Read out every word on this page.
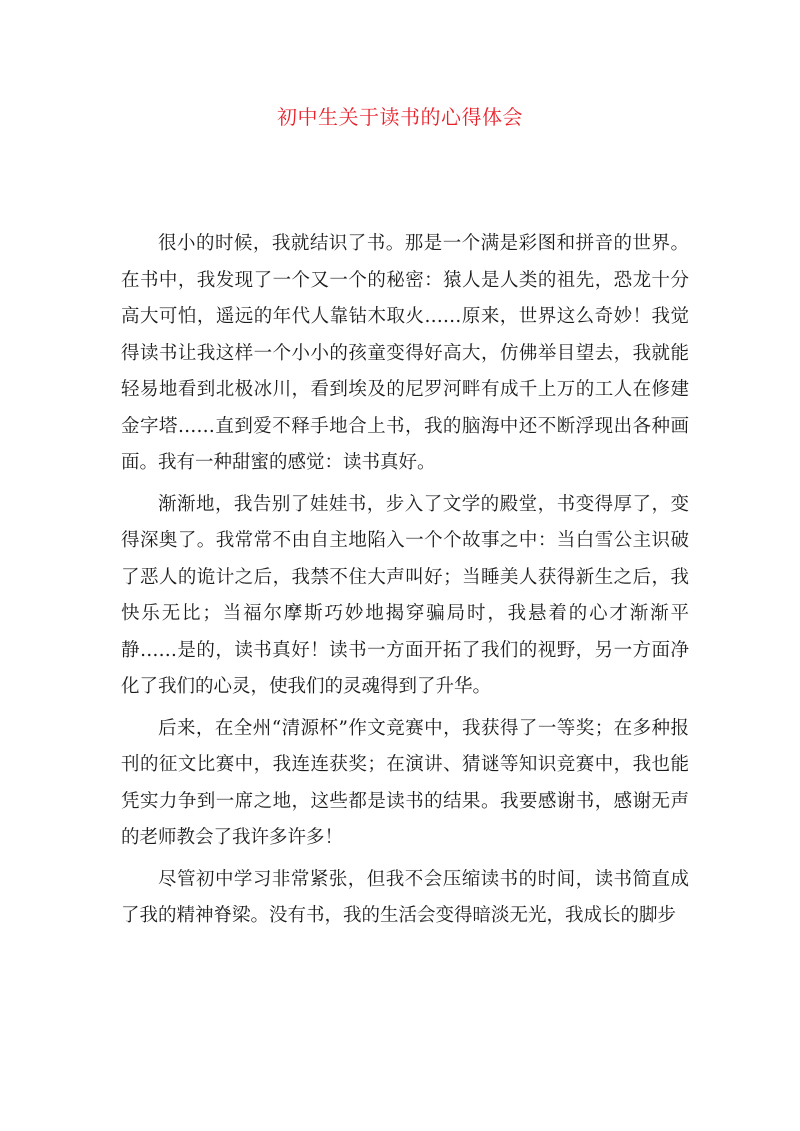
初中生关于读书的心得体会

很小的时候，我就结识了书。那是一个满是彩图和拼音的世界。在书中，我发现了一个又一个的秘密：猿人是人类的祖先，恐龙十分高大可怕，遥远的年代人靠钻木取火……原来，世界这么奇妙！我觉得读书让我这样一个小小的孩童变得好高大，仿佛举目望去，我就能轻易地看到北极冰川，看到埃及的尼罗河畔有成千上万的工人在修建金字塔……直到爱不释手地合上书，我的脑海中还不断浮现出各种画面。我有一种甜蜜的感觉：读书真好。

渐渐地，我告别了娃娃书，步入了文学的殿堂，书变得厚了，变得深奥了。我常常不由自主地陷入一个个故事之中：当白雪公主识破了恶人的诡计之后，我禁不住大声叫好；当睡美人获得新生之后，我快乐无比；当福尔摩斯巧妙地揭穿骗局时，我悬着的心才渐渐平静……是的，读书真好！读书一方面开拓了我们的视野，另一方面净化了我们的心灵，使我们的灵魂得到了升华。

后来，在全州“清源杯”作文竞赛中，我获得了一等奖；在多种报刊的征文比赛中，我连连获奖；在演讲、猜谜等知识竞赛中，我也能凭实力争到一席之地，这些都是读书的结果。我要感谢书，感谢无声的老师教会了我许多许多！

尽管初中学习非常紧张，但我不会压缩读书的时间，读书简直成了我的精神脊梁。没有书，我的生活会变得暗淡无光，我成长的脚步
